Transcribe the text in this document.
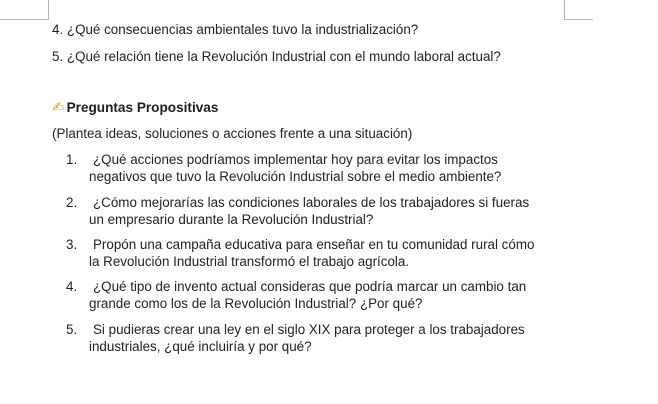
4. ¿Qué consecuencias ambientales tuvo la industrialización?
5. ¿Qué relación tiene la Revolución Industrial con el mundo laboral actual?
✍ Preguntas Propositivas
(Plantea ideas, soluciones o acciones frente a una situación)
1. ¿Qué acciones podríamos implementar hoy para evitar los impactos
negativos que tuvo la Revolución Industrial sobre el medio ambiente?
2. ¿Cómo mejorarías las condiciones laborales de los trabajadores si fueras
un empresario durante la Revolución Industrial?
3. Propón una campaña educativa para enseñar en tu comunidad rural cómo
la Revolución Industrial transformó el trabajo agrícola.
4. ¿Qué tipo de invento actual consideras que podría marcar un cambio tan
grande como los de la Revolución Industrial? ¿Por qué?
5. Si pudieras crear una ley en el siglo XIX para proteger a los trabajadores
industriales, ¿qué incluiría y por qué?
